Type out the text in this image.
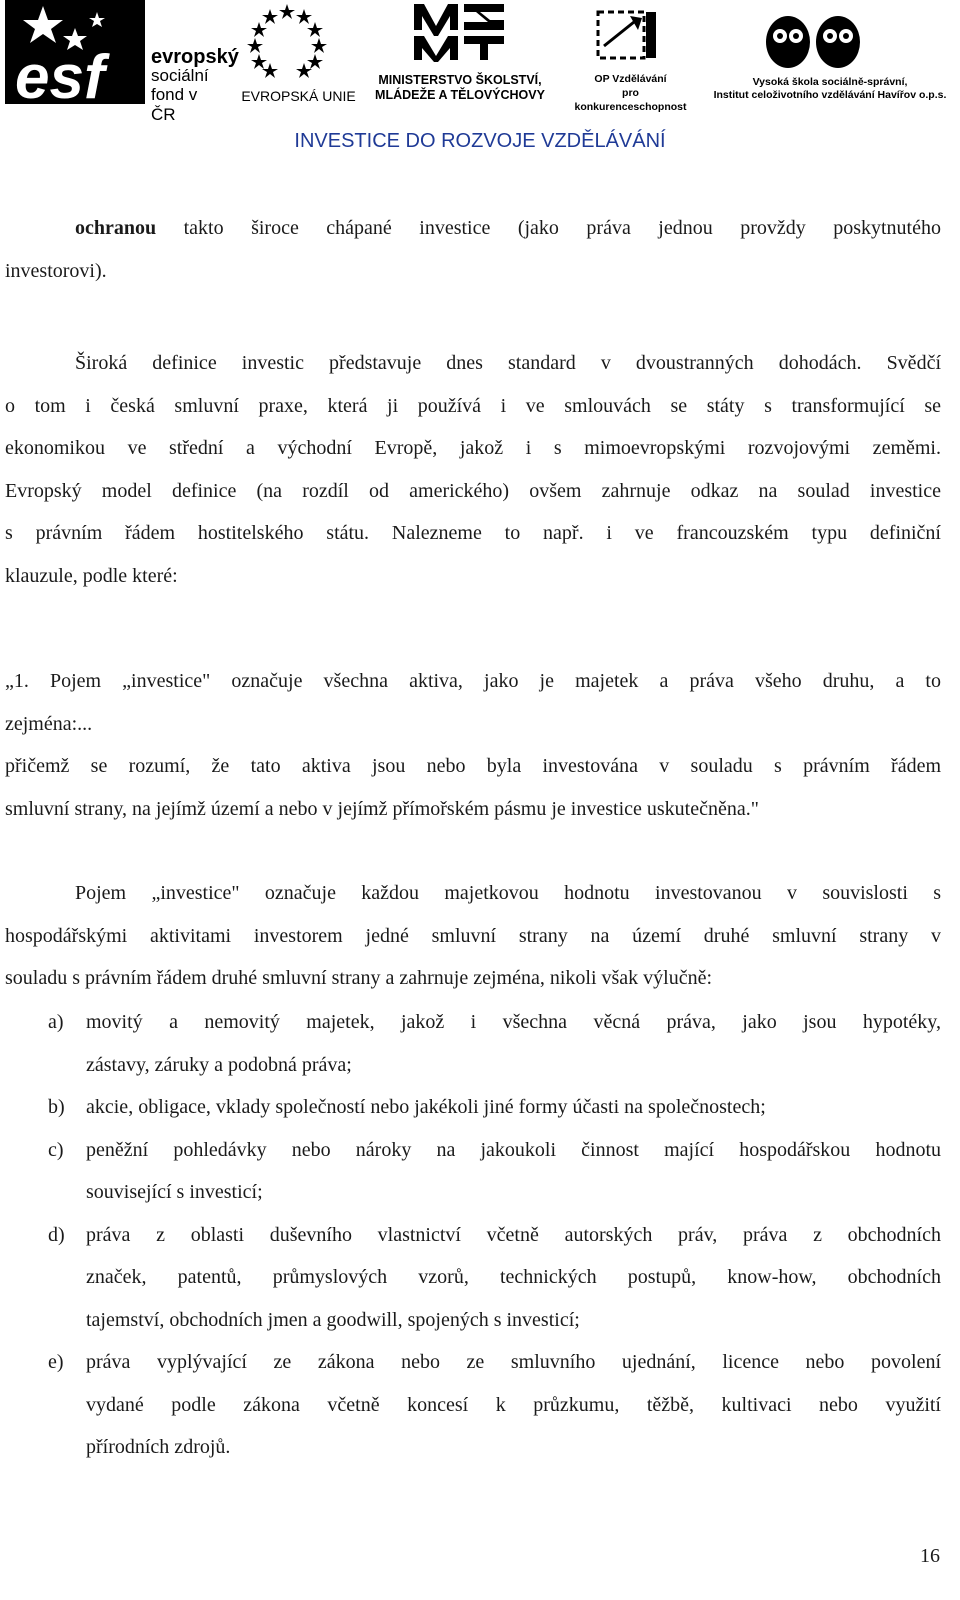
esf evropský
sociální
fond v ČR
EVROPSKÁ UNIE
MINISTERSTVO ŠKOLSTVÍ,
MLÁDEŽE A TĚLOVÝCHOVY
OP Vzdělávání
pro konkurenceschopnost
Vysoká škola sociálně-správní,
Institut celoživotního vzdělávání Havířov o.p.s.
INVESTICE DO ROZVOJE VZDĚLÁVÁNÍ
ochranou takto široce chápané investice (jako práva jednou provždy poskytnutého
investorovi).
Široká definice investic představuje dnes standard v dvoustranných dohodách. Svědčí
o tom i česká smluvní praxe, která ji používá i ve smlouvách se státy s transformující se
ekonomikou ve střední a východní Evropě, jakož i s mimoevropskými rozvojovými zeměmi.
Evropský model definice (na rozdíl od amerického) ovšem zahrnuje odkaz na soulad investice
s právním řádem hostitelského státu. Nalezneme to např. i ve francouzském typu definiční
klauzule, podle které:
„1. Pojem „investice" označuje všechna aktiva, jako je majetek a práva všeho druhu, a to
zejména:...
přičemž se rozumí, že tato aktiva jsou nebo byla investována v souladu s právním řádem
smluvní strany, na jejímž území a nebo v jejímž přímořském pásmu je investice uskutečněna."
Pojem „investice" označuje každou majetkovou hodnotu investovanou v souvislosti s
hospodářskými aktivitami investorem jedné smluvní strany na území druhé smluvní strany v
souladu s právním řádem druhé smluvní strany a zahrnuje zejména, nikoli však výlučně:
a) movitý a nemovitý majetek, jakož i všechna věcná práva, jako jsou hypotéky,
zástavy, záruky a podobná práva;
b) akcie, obligace, vklady společností nebo jakékoli jiné formy účasti na společnostech;
c) peněžní pohledávky nebo nároky na jakoukoli činnost mající hospodářskou hodnotu
související s investicí;
d) práva z oblasti duševního vlastnictví včetně autorských práv, práva z obchodních
značek, patentů, průmyslových vzorů, technických postupů, know-how, obchodních
tajemství, obchodních jmen a goodwill, spojených s investicí;
e) práva vyplývající ze zákona nebo ze smluvního ujednání, licence nebo povolení
vydané podle zákona včetně koncesí k průzkumu, těžbě, kultivaci nebo využití
přírodních zdrojů.
16
